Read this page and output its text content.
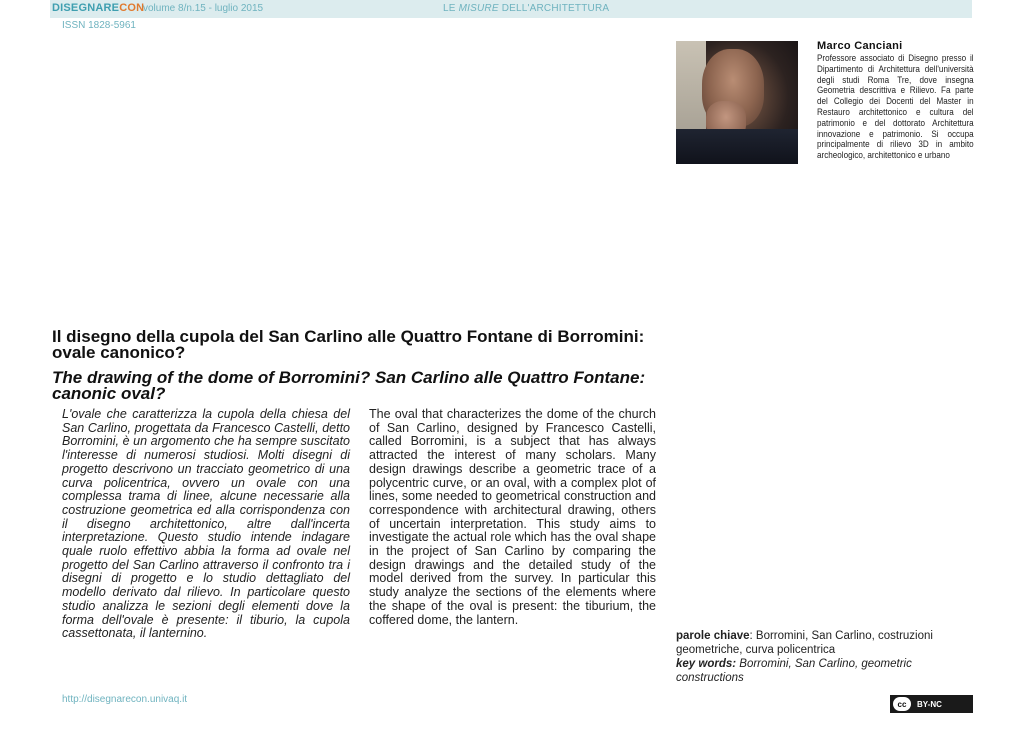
DISEGNARECON
volume 8/n.15 - luglio 2015	LE MISURE DELL'ARCHITETTURA
ISSN 1828-5961
Marco Canciani
Professore associato di Disegno presso il Dipartimento di Architettura dell'università degli studi Roma Tre, dove insegna Geometria descrittiva e Rilievo. Fa parte del Collegio dei Docenti del Master in Restauro architettonico e cultura del patrimonio e del dottorato Architettura innovazione e patrimonio. Si occupa principalmente di rilievo 3D in ambito archeologico, architettonico e urbano
Il disegno della cupola del San Carlino alle Quattro Fontane di Borromini: ovale canonico?
The drawing of the dome of Borromini? San Carlino alle Quattro Fontane: canonic oval?

L'ovale che caratterizza la cupola della chiesa del San Carlino, progettata da Francesco Castelli, detto Borromini, è un argomento che ha sempre suscitato l'interesse di numerosi studiosi. Molti disegni di progetto descrivono un tracciato geometrico di una curva policentrica, ovvero un ovale con una complessa trama di linee, alcune necessarie alla costruzione geometrica ed alla corrispondenza con il disegno architettonico, altre dall'incerta interpretazione. Questo studio intende indagare quale ruolo effettivo abbia la forma ad ovale nel progetto del San Carlino attraverso il confronto tra i disegni di progetto e lo studio dettagliato del modello derivato dal rilievo. In particolare questo studio analizza le sezioni degli elementi dove la forma dell'ovale è presente: il tiburio, la cupola cassettonata, il lanternino.

The oval that characterizes the dome of the church of San Carlino, designed by Francesco Castelli, called Borromini, is a subject that has always attracted the interest of many scholars. Many design drawings describe a geometric trace of a polycentric curve, or an oval, with a complex plot of lines, some needed to geometrical construction and correspondence with architectural drawing, others of uncertain interpretation. This study aims to investigate the actual role which has the oval shape in the project of San Carlino by comparing the design drawings and the detailed study of the model derived from the survey. In particular this study analyze the sections of the elements where the shape of the oval is present: the tiburium, the coffered dome, the lantern.

parole chiave: Borromini, San Carlino, costruzioni geometriche, curva policentrica
key words: Borromini, San Carlino, geometric constructions
http://disegnarecon.univaq.it	cc	BY-NC
